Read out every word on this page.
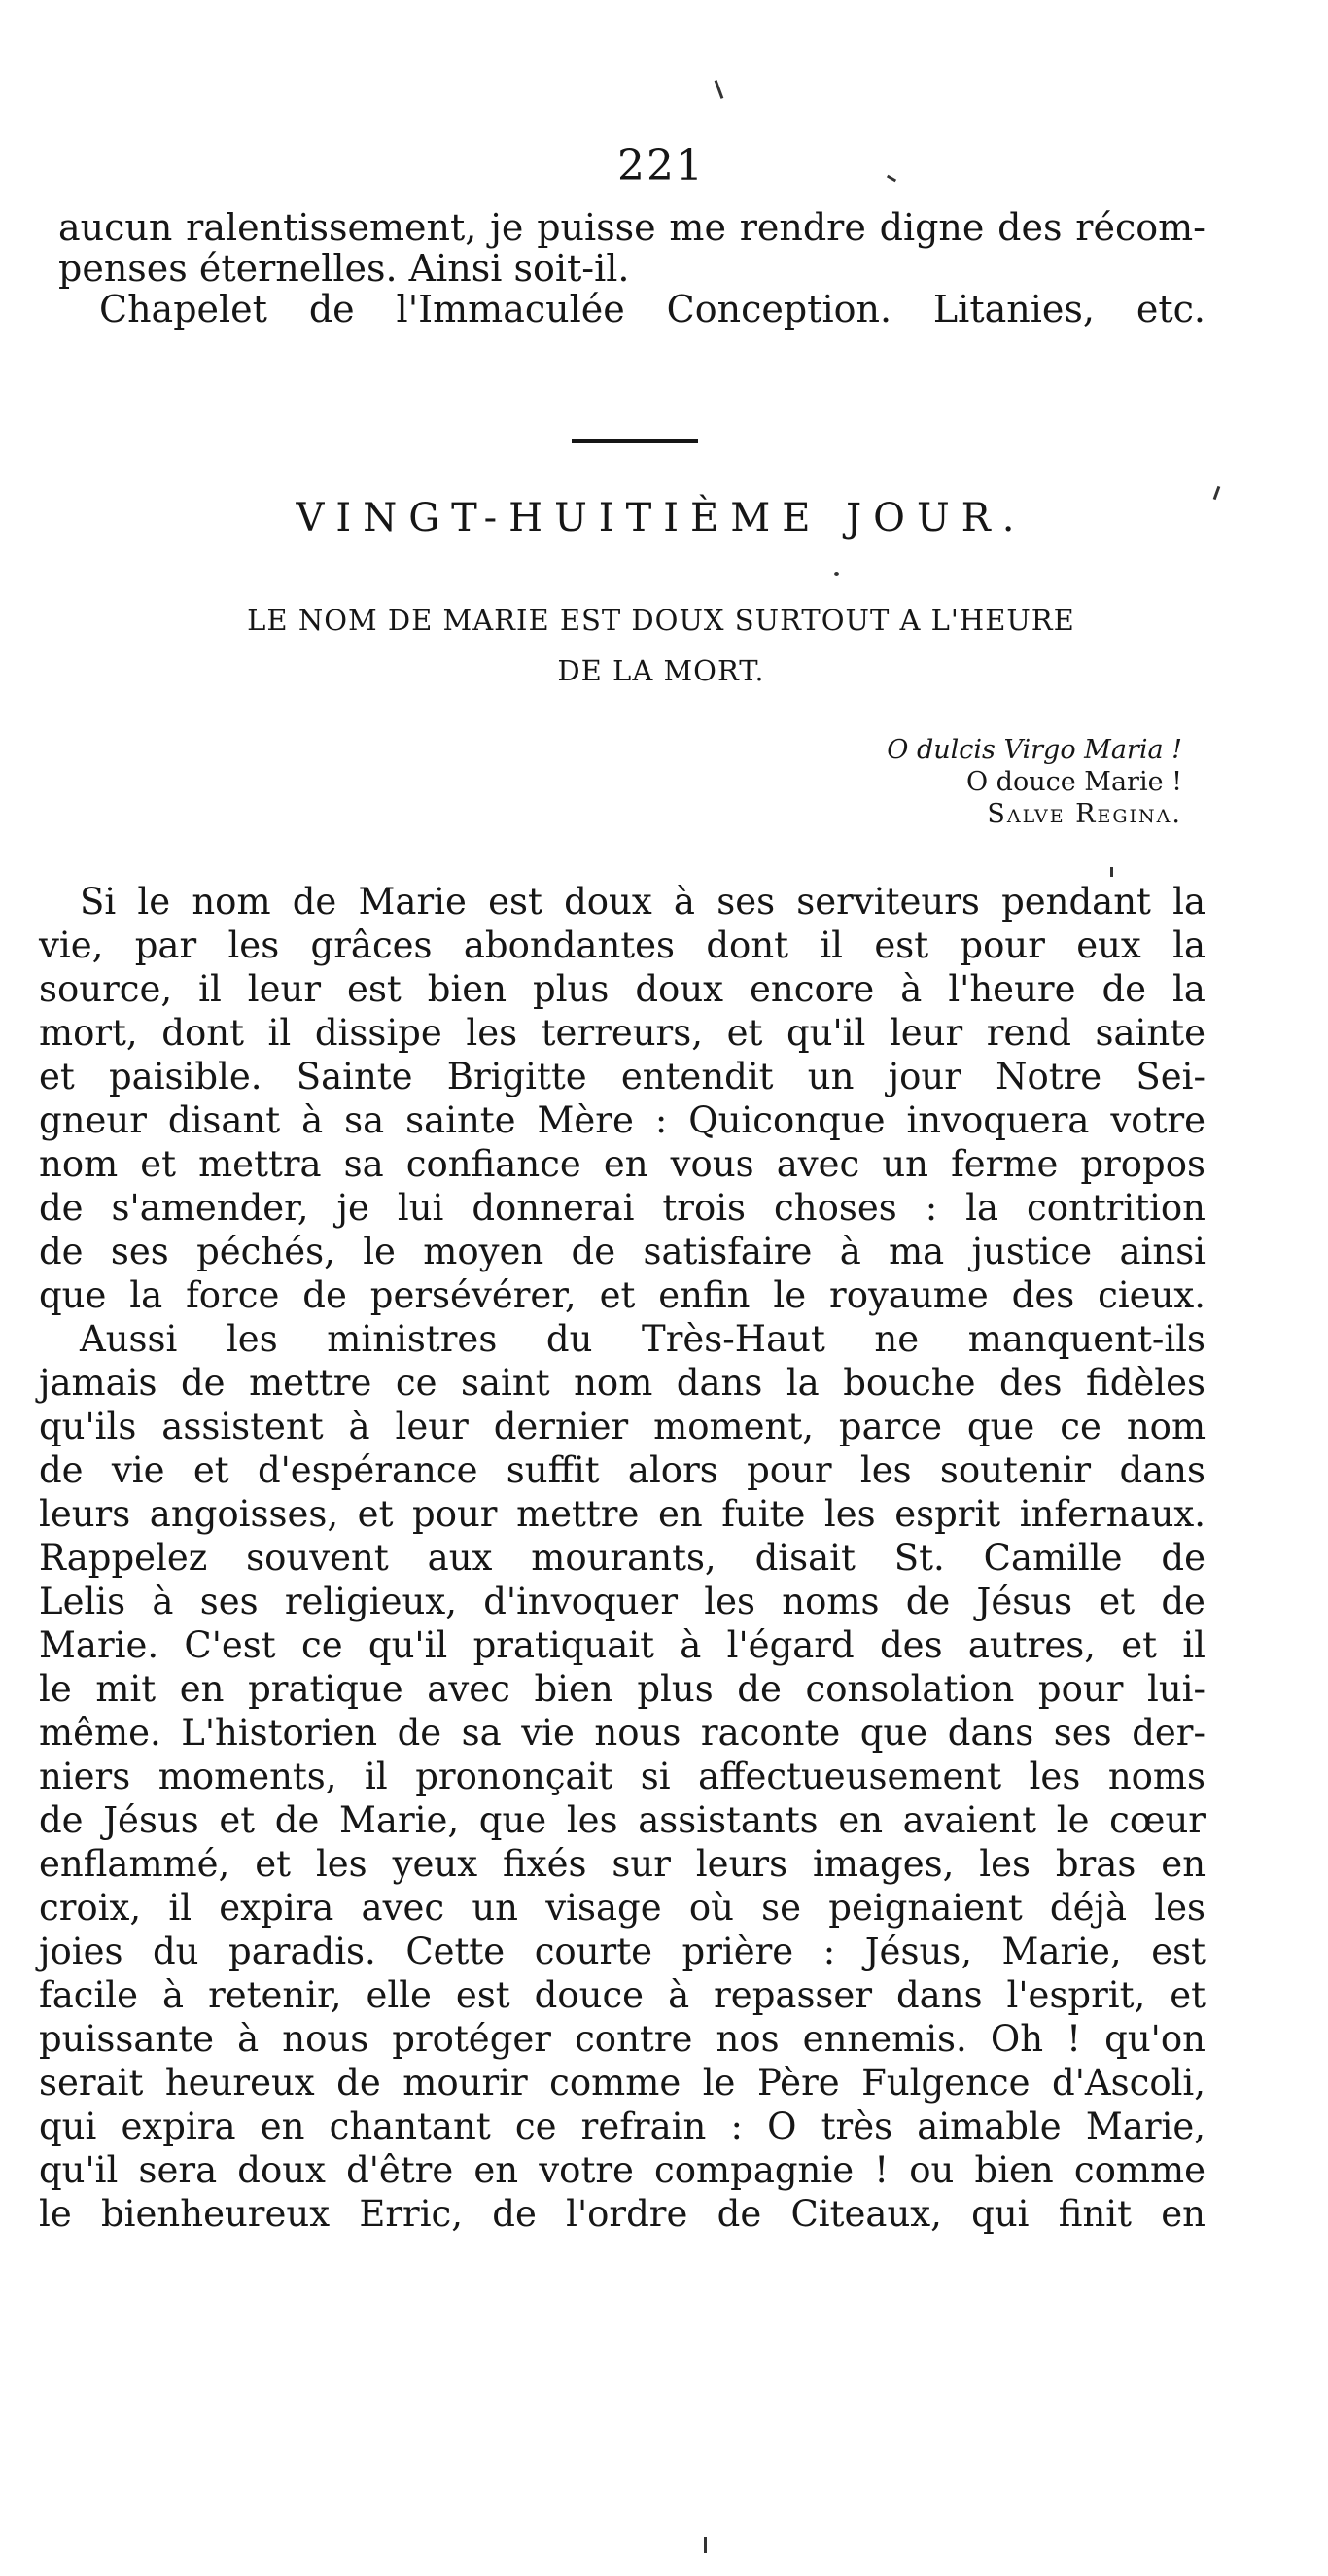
221
aucun ralentissement, je puisse me rendre digne des récom-
penses éternelles. Ainsi soit-il.
Chapelet de l'Immaculée Conception. Litanies, etc.
VINGT-HUITIÈME JOUR.
LE NOM DE MARIE EST DOUX SURTOUT A L'HEURE
DE LA MORT.
O dulcis Virgo Maria !
O douce Marie !
Salve Regina.
Si le nom de Marie est doux à ses serviteurs pendant la
vie, par les grâces abondantes dont il est pour eux la
source, il leur est bien plus doux encore à l'heure de la
mort, dont il dissipe les terreurs, et qu'il leur rend sainte
et paisible. Sainte Brigitte entendit un jour Notre Sei-
gneur disant à sa sainte Mère : Quiconque invoquera votre
nom et mettra sa confiance en vous avec un ferme propos
de s'amender, je lui donnerai trois choses : la contrition
de ses péchés, le moyen de satisfaire à ma justice ainsi
que la force de persévérer, et enfin le royaume des cieux.
Aussi les ministres du Très-Haut ne manquent-ils
jamais de mettre ce saint nom dans la bouche des fidèles
qu'ils assistent à leur dernier moment, parce que ce nom
de vie et d'espérance suffit alors pour les soutenir dans
leurs angoisses, et pour mettre en fuite les esprit infernaux.
Rappelez souvent aux mourants, disait St. Camille de
Lelis à ses religieux, d'invoquer les noms de Jésus et de
Marie. C'est ce qu'il pratiquait à l'égard des autres, et il
le mit en pratique avec bien plus de consolation pour lui-
même. L'historien de sa vie nous raconte que dans ses der-
niers moments, il prononçait si affectueusement les noms
de Jésus et de Marie, que les assistants en avaient le cœur
enflammé, et les yeux fixés sur leurs images, les bras en
croix, il expira avec un visage où se peignaient déjà les
joies du paradis. Cette courte prière : Jésus, Marie, est
facile à retenir, elle est douce à repasser dans l'esprit, et
puissante à nous protéger contre nos ennemis. Oh ! qu'on
serait heureux de mourir comme le Père Fulgence d'Ascoli,
qui expira en chantant ce refrain : O très aimable Marie,
qu'il sera doux d'être en votre compagnie ! ou bien comme
le bienheureux Erric, de l'ordre de Citeaux, qui finit en
